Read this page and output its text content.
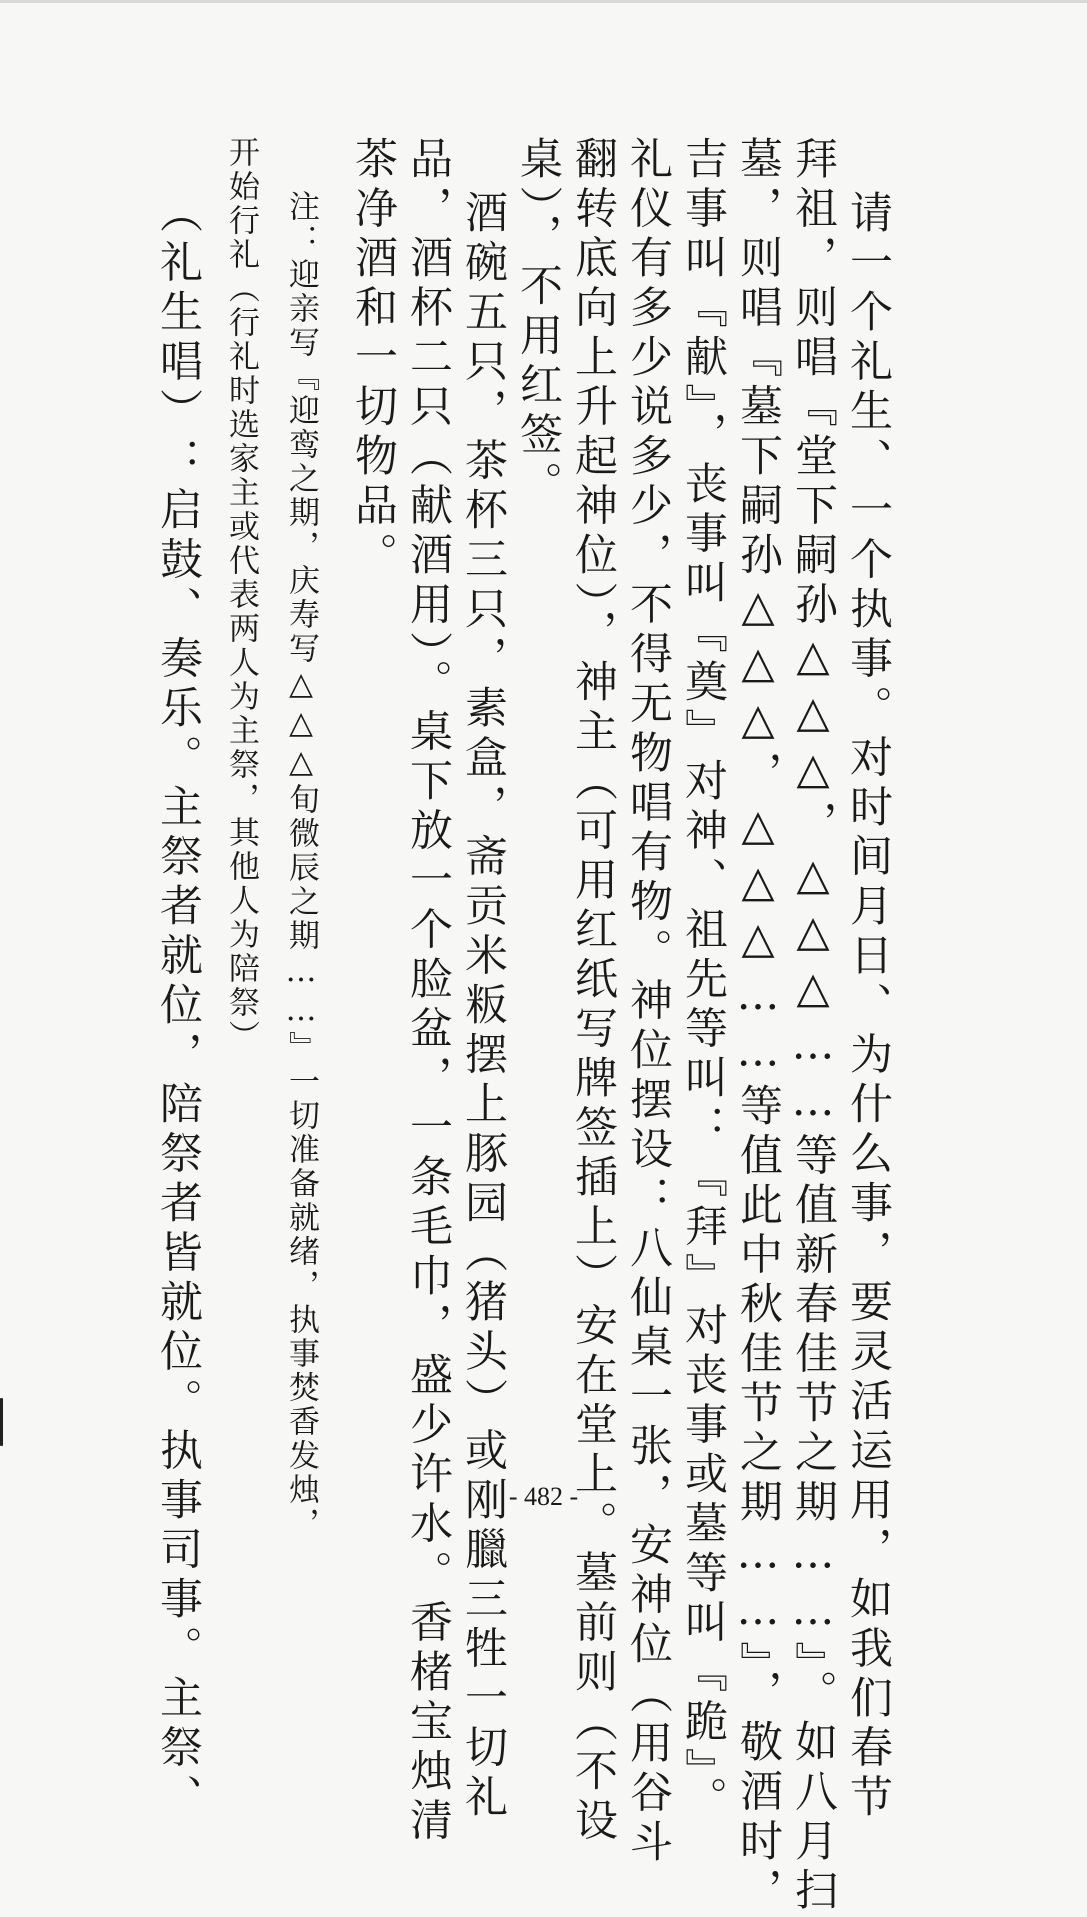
请一个礼生、一个执事。对时间月日、为什么事，要灵活运用，如我们春节
拜祖，则唱『堂下嗣孙△△△，△△△……等值新春佳节之期……』。如八月扫
墓，则唱『墓下嗣孙△△△，△△△……等值此中秋佳节之期……』，敬酒时，
吉事叫『献』，丧事叫『奠』对神、祖先等叫：『拜』对丧事或墓等叫『跪』。
礼仪有多少说多少，不得无物唱有物。神位摆设：八仙桌一张，安神位（用谷斗
翻转底向上升起神位），神主（可用红纸写牌签插上）安在堂上。墓前则（不设
桌），不用红签。
酒碗五只，茶杯三只，素盒，斋贡米粄摆上豚园（猪头）或刚臘三牲一切礼
品，酒杯二只（献酒用）。桌下放一个脸盆，一条毛巾，盛少许水。香楮宝烛清
茶净酒和一切物品。
注：迎亲写『迎鸾之期，庆寿写△△△旬微辰之期……』一切准备就绪，执事焚香发烛，
开始行礼（行礼时选家主或代表两人为主祭，其他人为陪祭）
（礼生唱）：启鼓、奏乐。主祭者就位，陪祭者皆就位。执事司事。主祭、	- 482 -
